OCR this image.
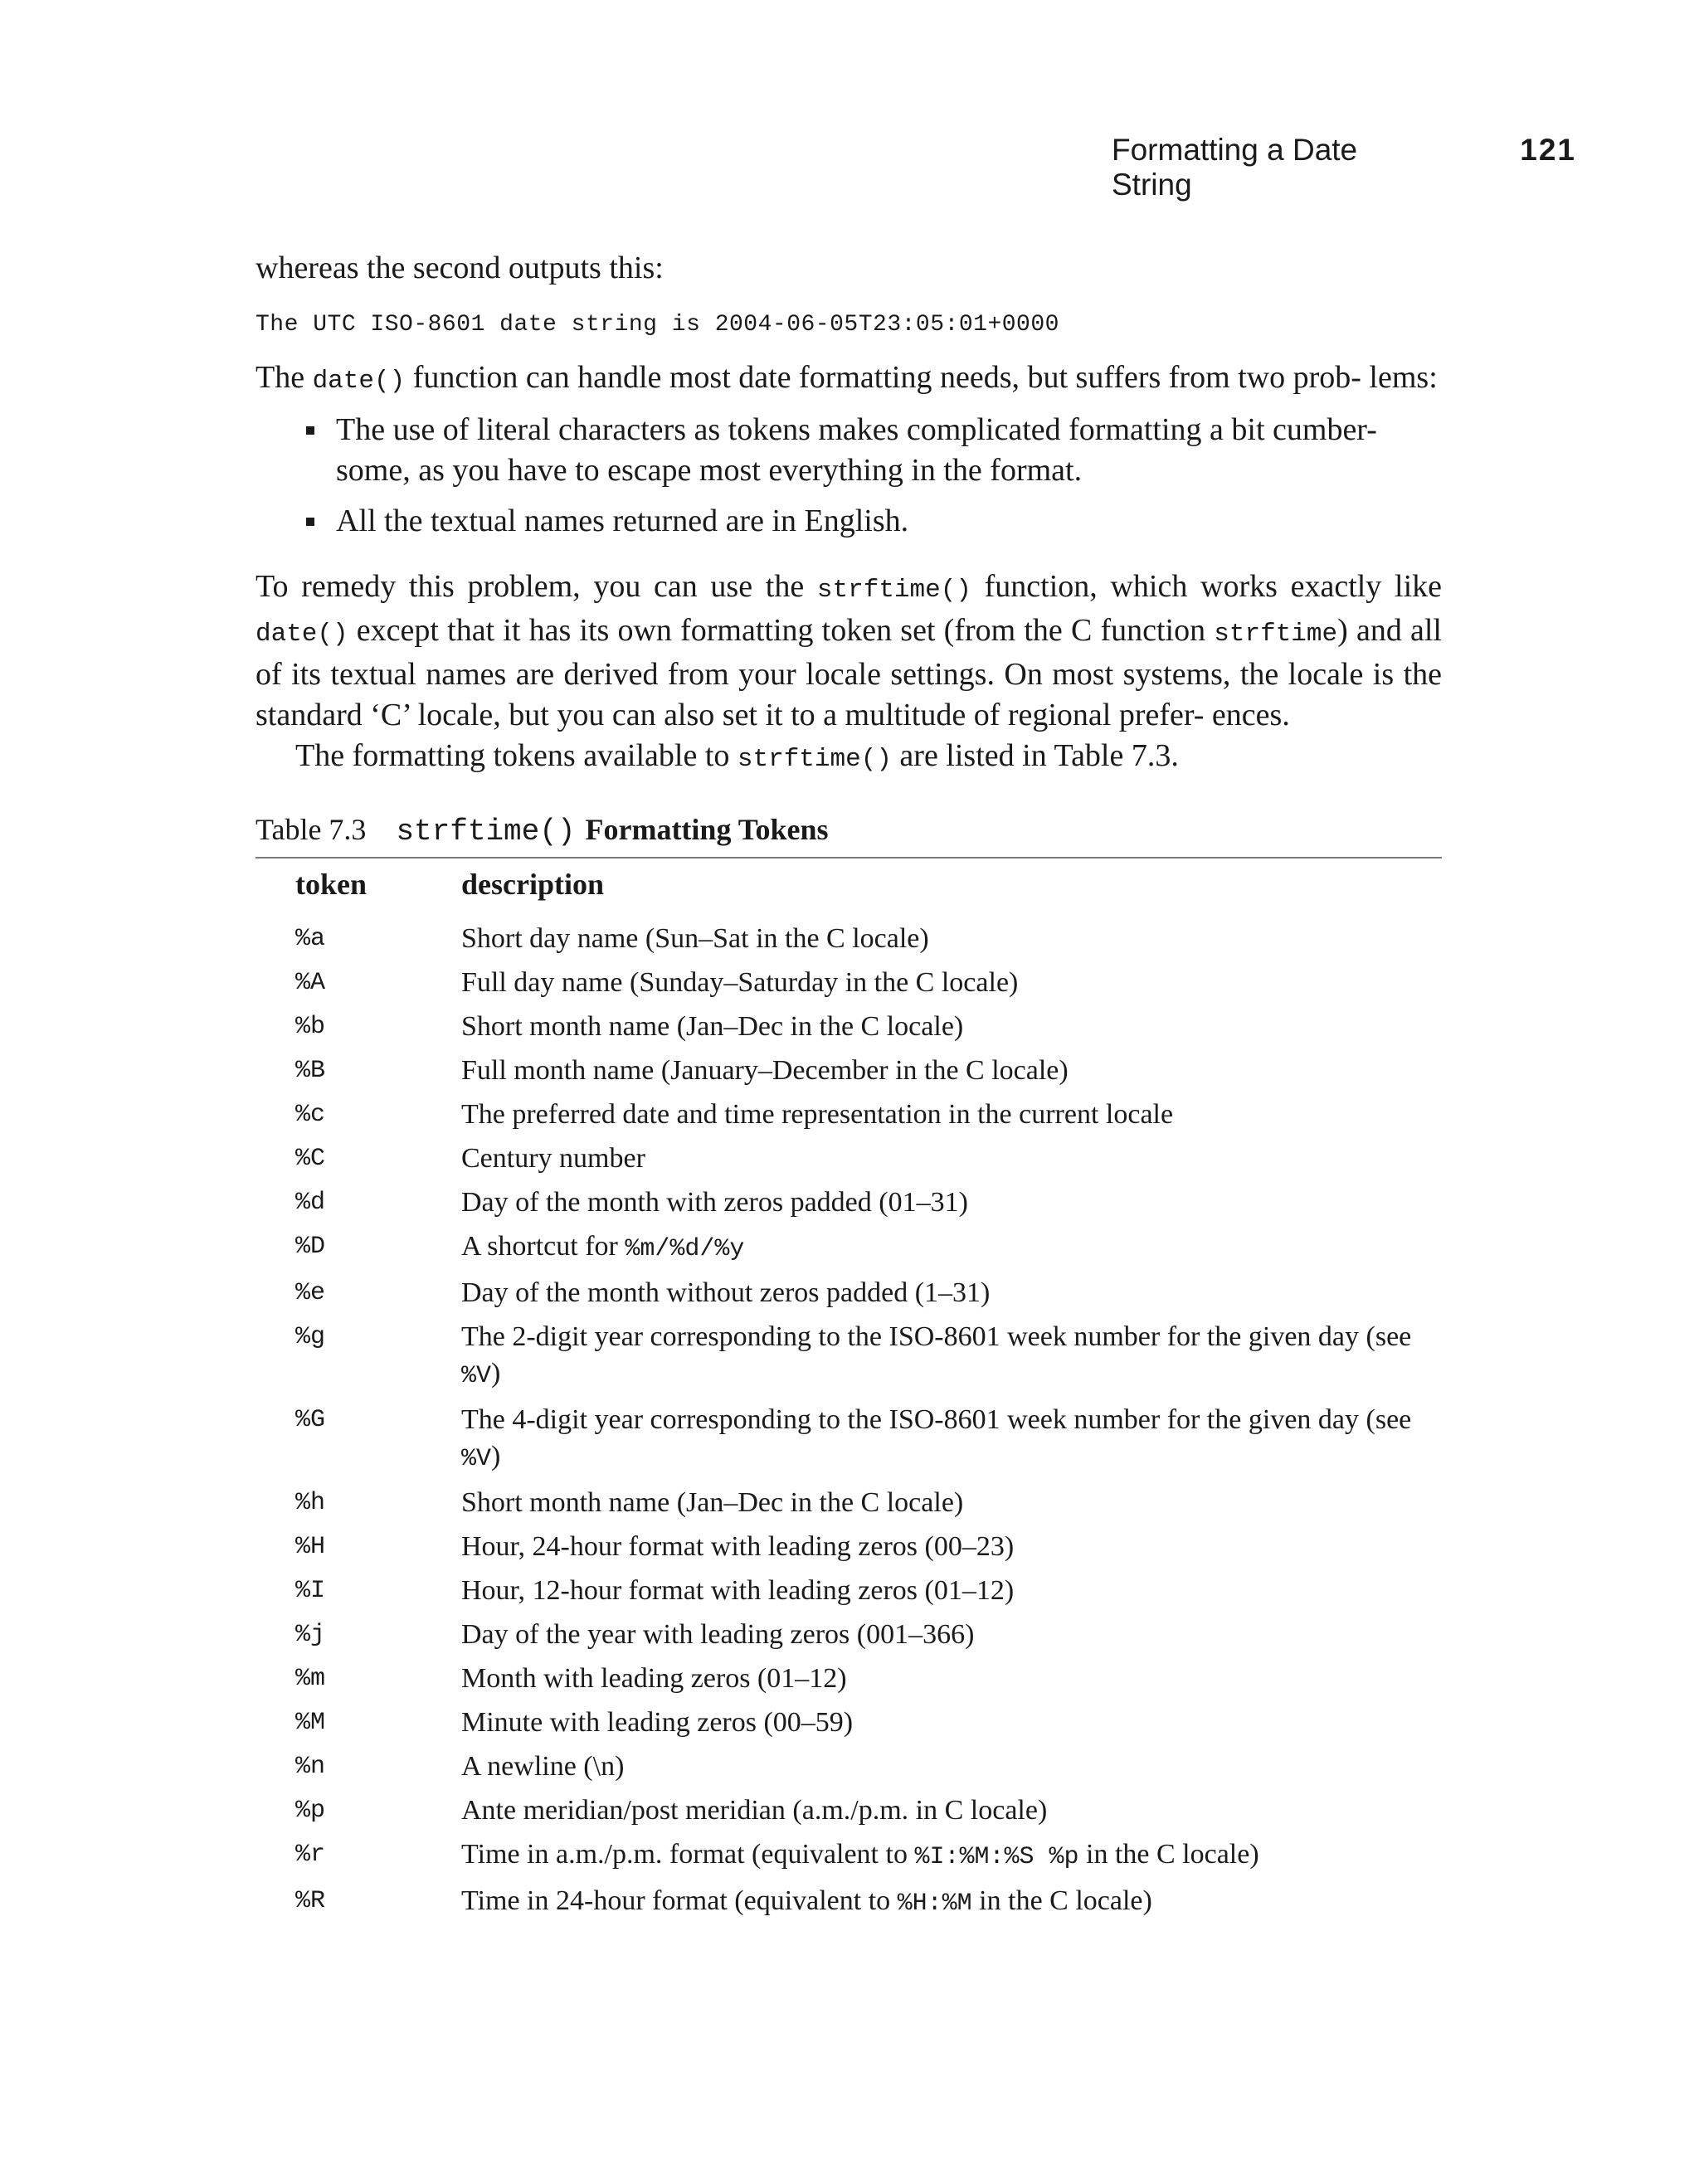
Formatting a Date String
121

whereas the second outputs this:

The UTC ISO-8601 date string is 2004-06-05T23:05:01+0000

The date() function can handle most date formatting needs, but suffers from two prob- lems:

The use of literal characters as tokens makes complicated formatting a bit cumber- some, as you have to escape most everything in the format.
All the textual names returned are in English.

To remedy this problem, you can use the strftime() function, which works exactly like date() except that it has its own formatting token set (from the C function strftime) and all of its textual names are derived from your locale settings. On most systems, the locale is the standard ‘C’ locale, but you can also set it to a multitude of regional prefer- ences.

The formatting tokens available to strftime() are listed in Table 7.3.

Table 7.3 strftime() Formatting Tokens
token	description
%a	Short day name (Sun–Sat in the C locale)
%A	Full day name (Sunday–Saturday in the C locale)
%b	Short month name (Jan–Dec in the C locale)
%B	Full month name (January–December in the C locale)
%c	The preferred date and time representation in the current locale
%C	Century number
%d	Day of the month with zeros padded (01–31)
%D	A shortcut for %m/%d/%y
%e	Day of the month without zeros padded (1–31)
%g	The 2-digit year corresponding to the ISO-8601 week number for the given day (see %V)
%G	The 4-digit year corresponding to the ISO-8601 week number for the given day (see %V)
%h	Short month name (Jan–Dec in the C locale)
%H	Hour, 24-hour format with leading zeros (00–23)
%I	Hour, 12-hour format with leading zeros (01–12)
%j	Day of the year with leading zeros (001–366)
%m	Month with leading zeros (01–12)
%M	Minute with leading zeros (00–59)
%n	A newline (\n)
%p	Ante meridian/post meridian (a.m./p.m. in C locale)
%r	Time in a.m./p.m. format (equivalent to %I:%M:%S %p in the C locale)
%R	Time in 24-hour format (equivalent to %H:%M in the C locale)
